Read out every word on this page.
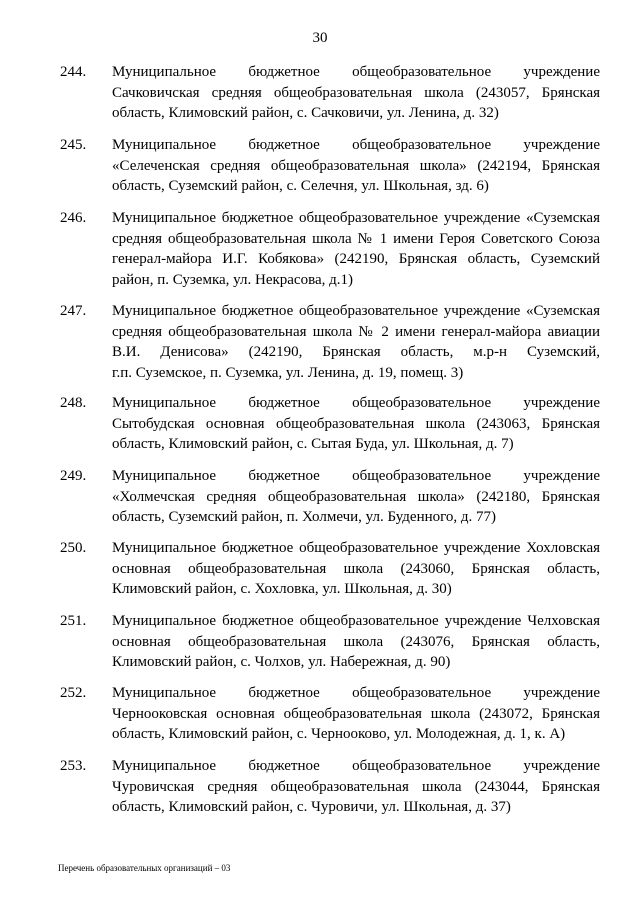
30
244.	Муниципальное бюджетное общеобразовательное учреждение
Сачковичская средняя общеобразовательная школа (243057, Брянская
область, Климовский район, с. Сачковичи, ул. Ленина, д. 32)
245.	Муниципальное бюджетное общеобразовательное учреждение
«Селеченская средняя общеобразовательная школа» (242194, Брянская
область, Суземский район, с. Селечня, ул. Школьная, зд. 6)
246.	Муниципальное бюджетное общеобразовательное учреждение «Суземская
средняя общеобразовательная школа № 1 имени Героя Советского Союза
генерал-майора И.Г. Кобякова» (242190, Брянская область, Суземский
район, п. Суземка, ул. Некрасова, д.1)
247.	Муниципальное бюджетное общеобразовательное учреждение «Суземская
средняя общеобразовательная школа № 2 имени генерал-майора авиации
В.И. Денисова» (242190, Брянская область, м.р-н Суземский,
г.п. Суземское, п. Суземка, ул. Ленина, д. 19, помещ. 3)
248.	Муниципальное бюджетное общеобразовательное учреждение
Сытобудская основная общеобразовательная школа (243063, Брянская
область, Климовский район, с. Сытая Буда, ул. Школьная, д. 7)
249.	Муниципальное бюджетное общеобразовательное учреждение
«Холмечская средняя общеобразовательная школа» (242180, Брянская
область, Суземский район, п. Холмечи, ул. Буденного, д. 77)
250.	Муниципальное бюджетное общеобразовательное учреждение Хохловская
основная общеобразовательная школа (243060, Брянская область,
Климовский район, с. Хохловка, ул. Школьная, д. 30)
251.	Муниципальное бюджетное общеобразовательное учреждение Челховская
основная общеобразовательная школа (243076, Брянская область,
Климовский район, с. Чолхов, ул. Набережная, д. 90)
252.	Муниципальное бюджетное общеобразовательное учреждение
Чернооковская основная общеобразовательная школа (243072, Брянская
область, Климовский район, с. Чернооково, ул. Молодежная, д. 1, к. А)
253.	Муниципальное бюджетное общеобразовательное учреждение
Чуровичская средняя общеобразовательная школа (243044, Брянская
область, Климовский район, с. Чуровичи, ул. Школьная, д. 37)
Перечень образовательных организаций – 03
